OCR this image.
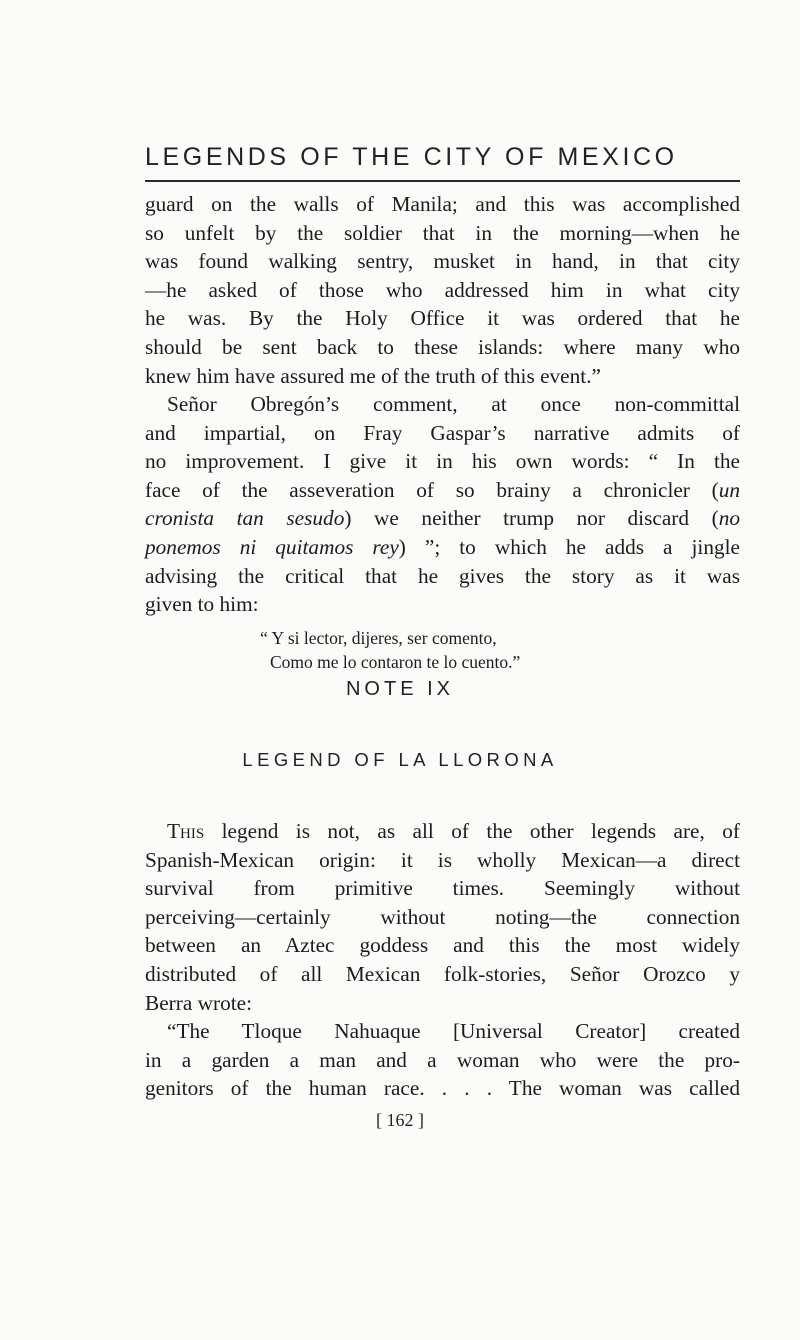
LEGENDS OF THE CITY OF MEXICO
guard on the walls of Manila; and this was accomplished
so unfelt by the soldier that in the morning—when he
was found walking sentry, musket in hand, in that city
—he asked of those who addressed him in what city
he was. By the Holy Office it was ordered that he
should be sent back to these islands: where many who
knew him have assured me of the truth of this event.”
Señor Obregón’s comment, at once non-committal
and impartial, on Fray Gaspar’s narrative admits of
no improvement. I give it in his own words: “ In the
face of the asseveration of so brainy a chronicler (un
cronista tan sesudo) we neither trump nor discard (no
ponemos ni quitamos rey) ”; to which he adds a jingle
advising the critical that he gives the story as it was
given to him:
“ Y si lector, dijeres, ser comento,
Como me lo contaron te lo cuento.”
NOTE IX
LEGEND OF LA LLORONA
This legend is not, as all of the other legends are, of
Spanish-Mexican origin: it is wholly Mexican—a direct
survival from primitive times. Seemingly without
perceiving—certainly without noting—the connection
between an Aztec goddess and this the most widely
distributed of all Mexican folk-stories, Señor Orozco y
Berra wrote:
“The Tloque Nahuaque [Universal Creator] created
in a garden a man and a woman who were the pro-
genitors of the human race. . . . The woman was called
[ 162 ]
